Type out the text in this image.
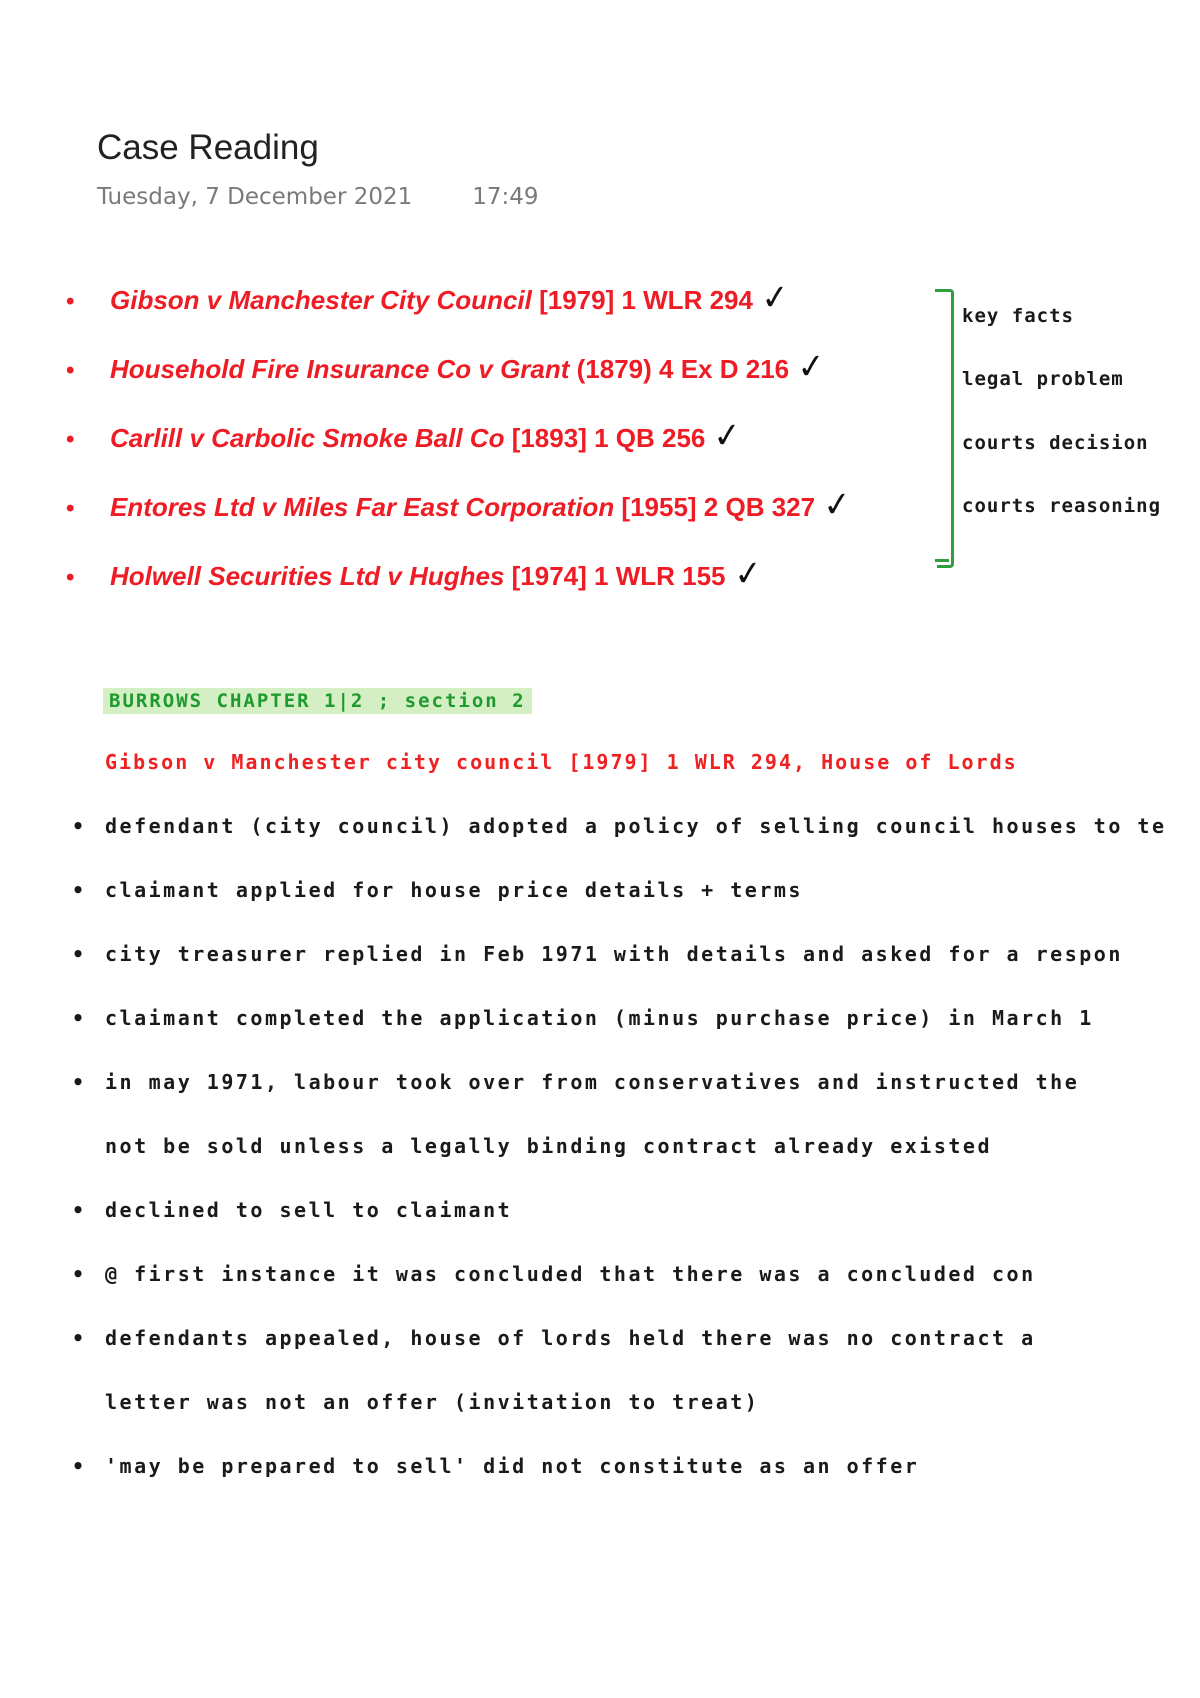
Case Reading
Tuesday, 7 December 2021	17:49
• Gibson v Manchester City Council [1979] 1 WLR 294 ✓
• Household Fire Insurance Co v Grant (1879) 4 Ex D 216 ✓
• Carlill v Carbolic Smoke Ball Co [1893] 1 QB 256 ✓
• Entores Ltd v Miles Far East Corporation [1955] 2 QB 327 ✓
• Holwell Securities Ltd v Hughes [1974] 1 WLR 155 ✓
key facts
legal problem
courts decision
courts reasoning
BURROWS CHAPTER 1|2 ; section 2
Gibson v Manchester city council [1979] 1 WLR 294, House of Lords
• defendant (city council) adopted a policy of selling council houses to te
• claimant applied for house price details + terms
• city treasurer replied in Feb 1971 with details and asked for a respon
• claimant completed the application (minus purchase price) in March 1
• in may 1971, labour took over from conservatives and instructed the
not be sold unless a legally binding contract already existed
• declined to sell to claimant
• @ first instance it was concluded that there was a concluded con
• defendants appealed, house of lords held there was no contract a
letter was not an offer (invitation to treat)
• 'may be prepared to sell' did not constitute as an offer
